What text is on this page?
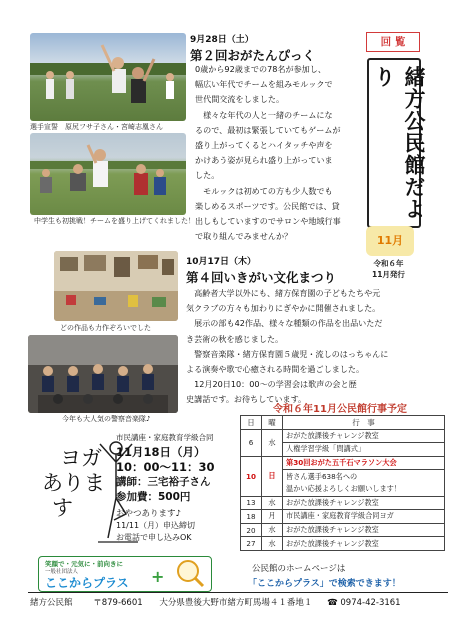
選手宣誓　原尻フサ子さん・宮崎志凰さん
中学生も初挑戦！チームを盛り上げてくれました！
9月28日（土）
第２回おがたんぴっく
0歳から92歳までの78名が参加し、
幅広い年代でチームを組みモルックで
世代間交流をしました。
　様々な年代の人と一緒のチームにな
るので、最初は緊張していてもゲームが
盛り上がってくるとハイタッチや声を
かけあう姿が見られ盛り上がっていま
した。
　モルックは初めての方も少人数でも
楽しめるスポーツです。公民館では、貸
出しもしていますのでサロンや地域行事
で取り組んでみませんか？
回 覧
緒方公民館だより
11月
令和６年
11月発行
どの作品も力作ぞろいでした
今年も大人気の警察音楽隊♪
10月17日（木）
第４回いきがい文化まつり
　高齢者大学以外にも、緒方保育園の子どもたちや元
気クラブの方々も加わりにぎやかに開催されました。
　展示の部も42作品、様々な種類の作品を出品いただ
き芸術の秋を感じました。
　警察音楽隊・緒方保育園５歳児・流しのはっちゃんに
よる演奏や歌で心癒される時間を過ごしました。
　12月20日10：00～の学習会は歌声の会と歴
史講話です。お待ちしています。
ヨガ
ありま
す
市民講座・家庭教育学級合同
11月18日（月）
10：00～11：30
講師：三宅裕子さん
参加費：500円
おやつあります♪
11/11（月）申込締切
お電話で申し込みOK
令和６年11月公民館行事予定
日	曜	行　事
6	水	おがた放課後チャレンジ教室
		人権学習学級「問講式」
10	日	第30回おがた五千石マラソン大会
		皆さん選手638名への
		温かい応援よろしくお願いします！
13	水	おがた放課後チャレンジ教室
18	月	市民講座・家庭教育学級合同ヨガ
20	水	おがた放課後チャレンジ教室
27	水	おがた放課後チャレンジ教室
笑顔で・元気に・前向きに
一般社団法人
ここからプラス +	公民館のホームページは
「ここからプラス」で検索できます！
緒方公民館 〒879-6601 大分県豊後大野市緒方町馬場４１番地１ ☎ 0974-42-3161
